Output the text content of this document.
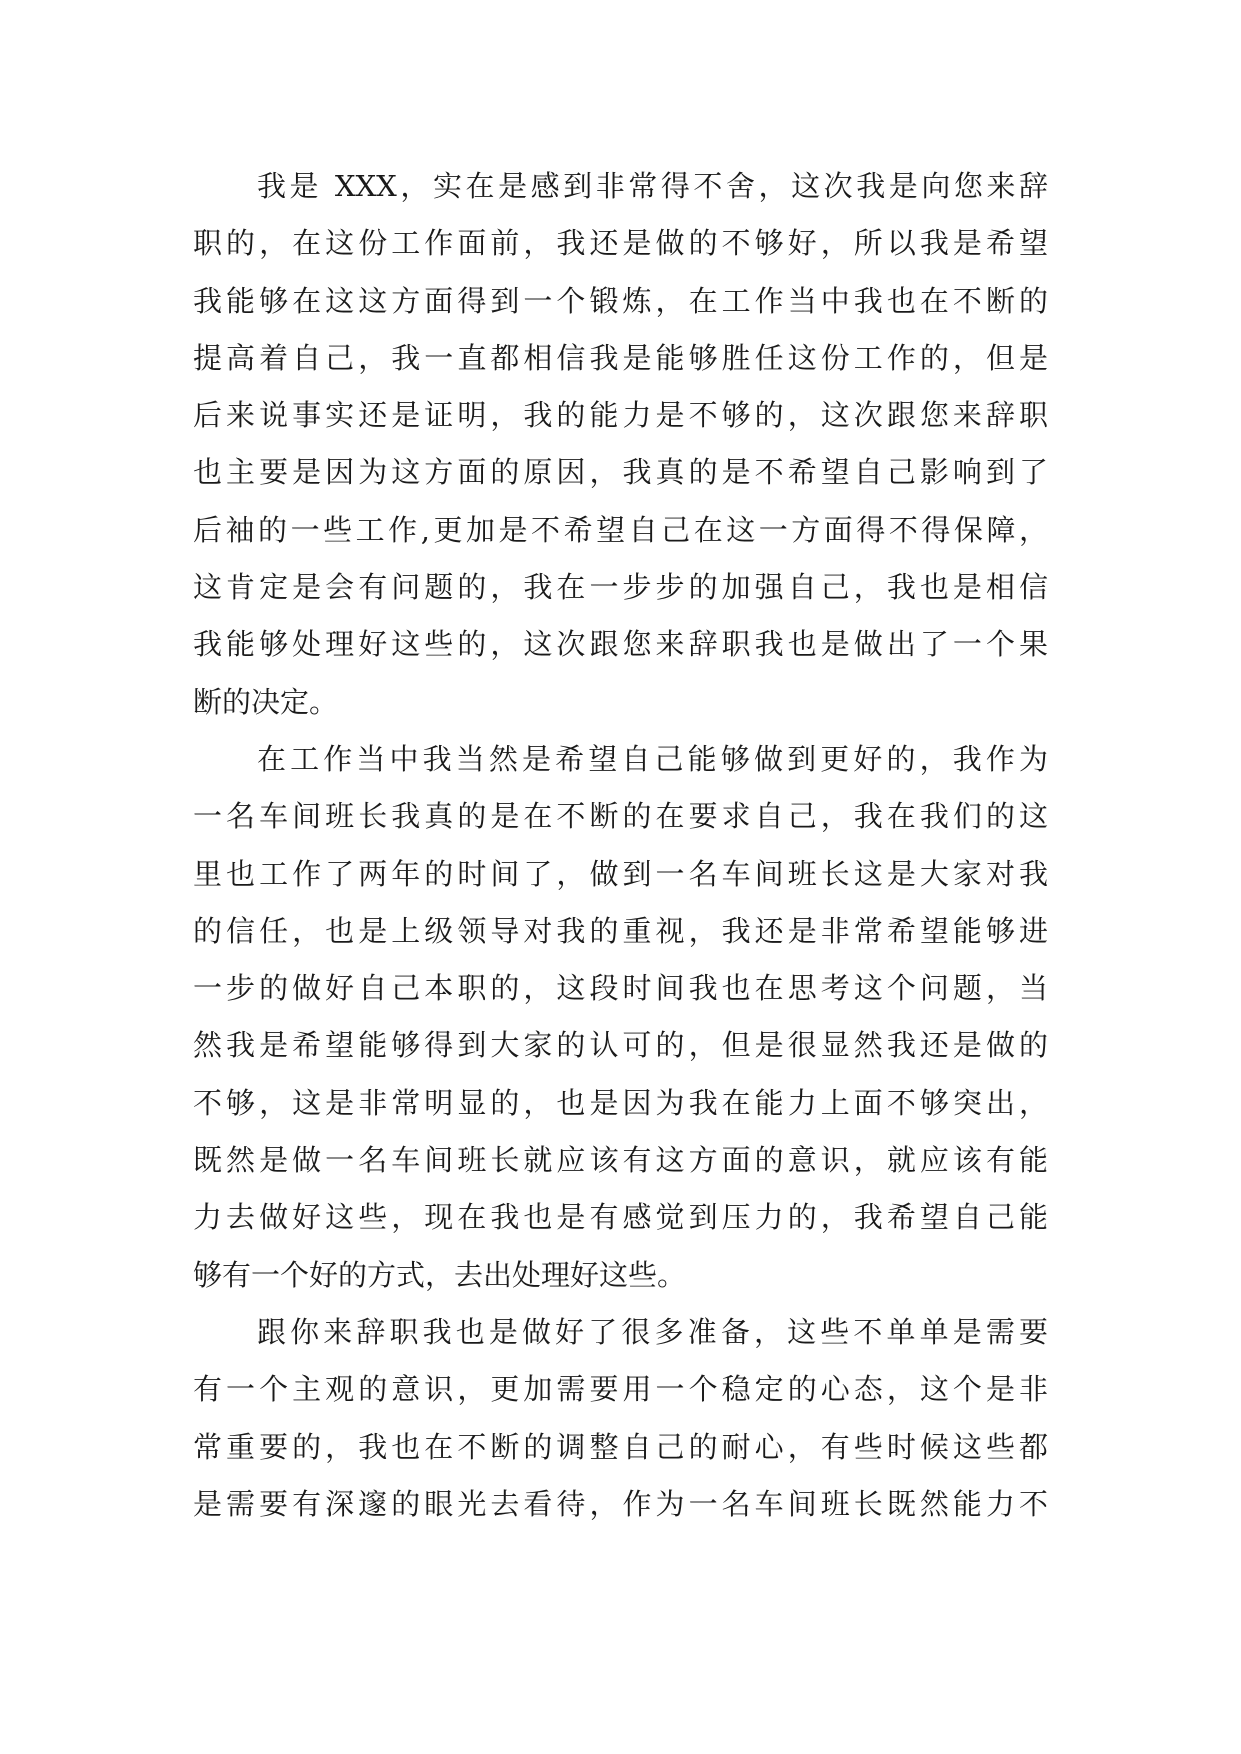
我是 XXX，实在是感到非常得不舍，这次我是向您来辞
职的，在这份工作面前，我还是做的不够好，所以我是希望
我能够在这这方面得到一个锻炼，在工作当中我也在不断的
提高着自己，我一直都相信我是能够胜任这份工作的，但是
后来说事实还是证明，我的能力是不够的，这次跟您来辞职
也主要是因为这方面的原因，我真的是不希望自己影响到了
后袖的一些工作,更加是不希望自己在这一方面得不得保障，
这肯定是会有问题的，我在一步步的加强自己，我也是相信
我能够处理好这些的，这次跟您来辞职我也是做出了一个果
断的决定。
在工作当中我当然是希望自己能够做到更好的，我作为
一名车间班长我真的是在不断的在要求自己，我在我们的这
里也工作了两年的时间了，做到一名车间班长这是大家对我
的信任，也是上级领导对我的重视，我还是非常希望能够进
一步的做好自己本职的，这段时间我也在思考这个问题，当
然我是希望能够得到大家的认可的，但是很显然我还是做的
不够，这是非常明显的，也是因为我在能力上面不够突出，
既然是做一名车间班长就应该有这方面的意识，就应该有能
力去做好这些，现在我也是有感觉到压力的，我希望自己能
够有一个好的方式，去出处理好这些。
跟你来辞职我也是做好了很多准备，这些不单单是需要
有一个主观的意识，更加需要用一个稳定的心态，这个是非
常重要的，我也在不断的调整自己的耐心，有些时候这些都
是需要有深邃的眼光去看待，作为一名车间班长既然能力不
